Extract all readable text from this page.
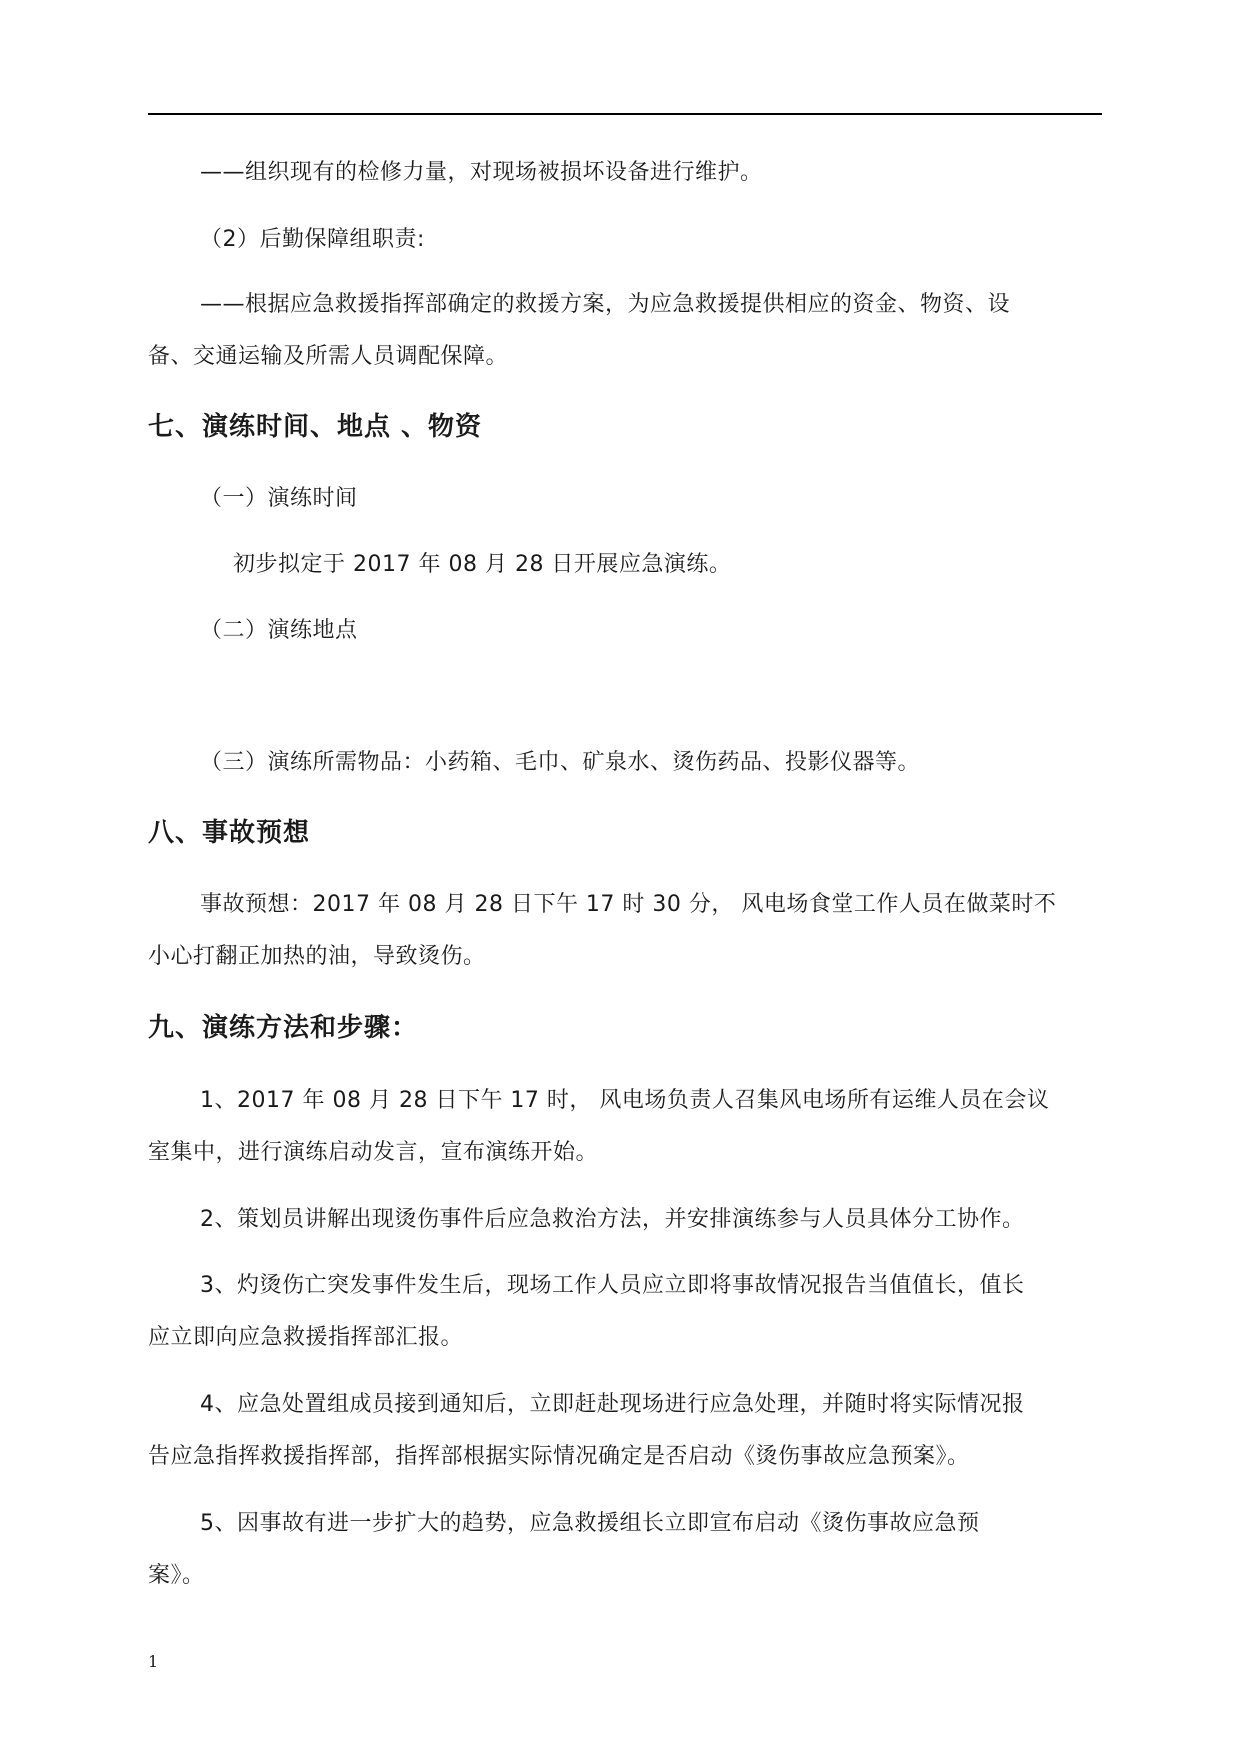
——组织现有的检修力量，对现场被损坏设备进行维护。
（2）后勤保障组职责:
——根据应急救援指挥部确定的救援方案，为应急救援提供相应的资金、物资、设
备、交通运输及所需人员调配保障。
七、演练时间、地点 、物资
（一）演练时间
初步拟定于 2017 年 08 月 28 日开展应急演练。
（二）演练地点
（三）演练所需物品：小药箱、毛巾、矿泉水、烫伤药品、投影仪器等。
八、事故预想
事故预想：2017 年 08 月 28 日下午 17 时 30 分， 风电场食堂工作人员在做菜时不
小心打翻正加热的油，导致烫伤。
九、演练方法和步骤：
1、2017 年 08 月 28 日下午 17 时， 风电场负责人召集风电场所有运维人员在会议
室集中，进行演练启动发言，宣布演练开始。
2、策划员讲解出现烫伤事件后应急救治方法，并安排演练参与人员具体分工协作。
3、灼烫伤亡突发事件发生后，现场工作人员应立即将事故情况报告当值值长，值长
应立即向应急救援指挥部汇报。
4、应急处置组成员接到通知后，立即赶赴现场进行应急处理，并随时将实际情况报
告应急指挥救援指挥部，指挥部根据实际情况确定是否启动《烫伤事故应急预案》。
5、因事故有进一步扩大的趋势，应急救援组长立即宣布启动《烫伤事故应急预
案》。
1
